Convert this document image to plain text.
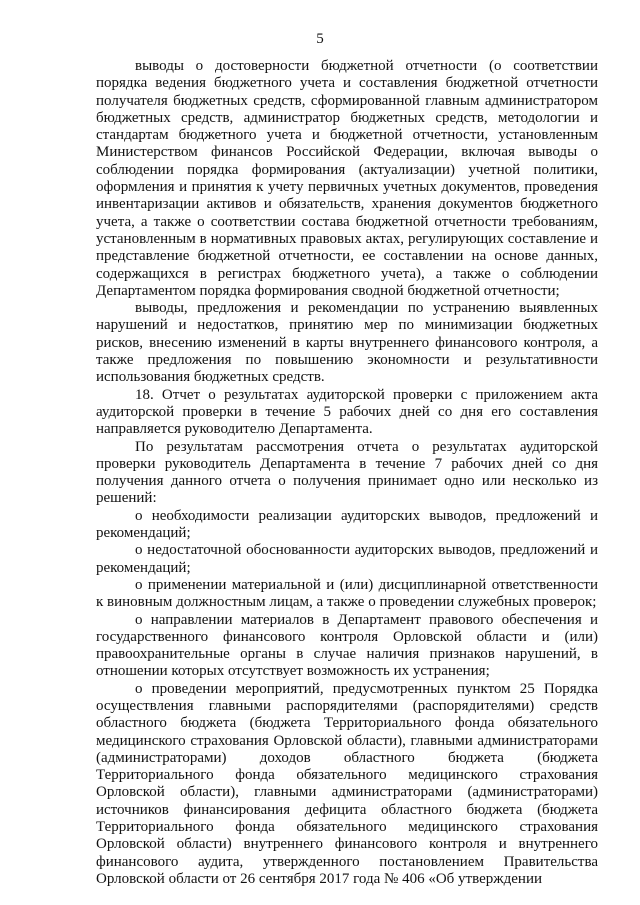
5

выводы о достоверности бюджетной отчетности (о соответствии порядка ведения бюджетного учета и составления бюджетной отчетности получателя бюджетных средств, сформированной главным администратором бюджетных средств, администратор бюджетных средств, методологии и стандартам бюджетного учета и бюджетной отчетности, установленным Министерством финансов Российской Федерации, включая выводы о соблюдении порядка формирования (актуализации) учетной политики, оформления и принятия к учету первичных учетных документов, проведения инвентаризации активов и обязательств, хранения документов бюджетного учета, а также о соответствии состава бюджетной отчетности требованиям, установленным в нормативных правовых актах, регулирующих составление и представление бюджетной отчетности, ее составлении на основе данных, содержащихся в регистрах бюджетного учета), а также о соблюдении Департаментом порядка формирования сводной бюджетной отчетности;

выводы, предложения и рекомендации по устранению выявленных нарушений и недостатков, принятию мер по минимизации бюджетных рисков, внесению изменений в карты внутреннего финансового контроля, а также предложения по повышению экономности и результативности использования бюджетных средств.

18. Отчет о результатах аудиторской проверки с приложением акта аудиторской проверки в течение 5 рабочих дней со дня его составления направляется руководителю Департамента.

По результатам рассмотрения отчета о результатах аудиторской проверки руководитель Департамента в течение 7 рабочих дней со дня получения данного отчета о получения принимает одно или несколько из решений:

о необходимости реализации аудиторских выводов, предложений и рекомендаций;

о недостаточной обоснованности аудиторских выводов, предложений и рекомендаций;

о применении материальной и (или) дисциплинарной ответственности к виновным должностным лицам, а также о проведении служебных проверок;

о направлении материалов в Департамент правового обеспечения и государственного финансового контроля Орловской области и (или) правоохранительные органы в случае наличия признаков нарушений, в отношении которых отсутствует возможность их устранения;

о проведении мероприятий, предусмотренных пунктом 25 Порядка осуществления главными распорядителями (распорядителями) средств областного бюджета (бюджета Территориального фонда обязательного медицинского страхования Орловской области), главными администраторами (администраторами) доходов областного бюджета (бюджета Территориального фонда обязательного медицинского страхования Орловской области), главными администраторами (администраторами) источников финансирования дефицита областного бюджета (бюджета Территориального фонда обязательного медицинского страхования Орловской области) внутреннего финансового контроля и внутреннего финансового аудита, утвержденного постановлением Правительства Орловской области от 26 сентября 2017 года № 406 «Об утверждении
